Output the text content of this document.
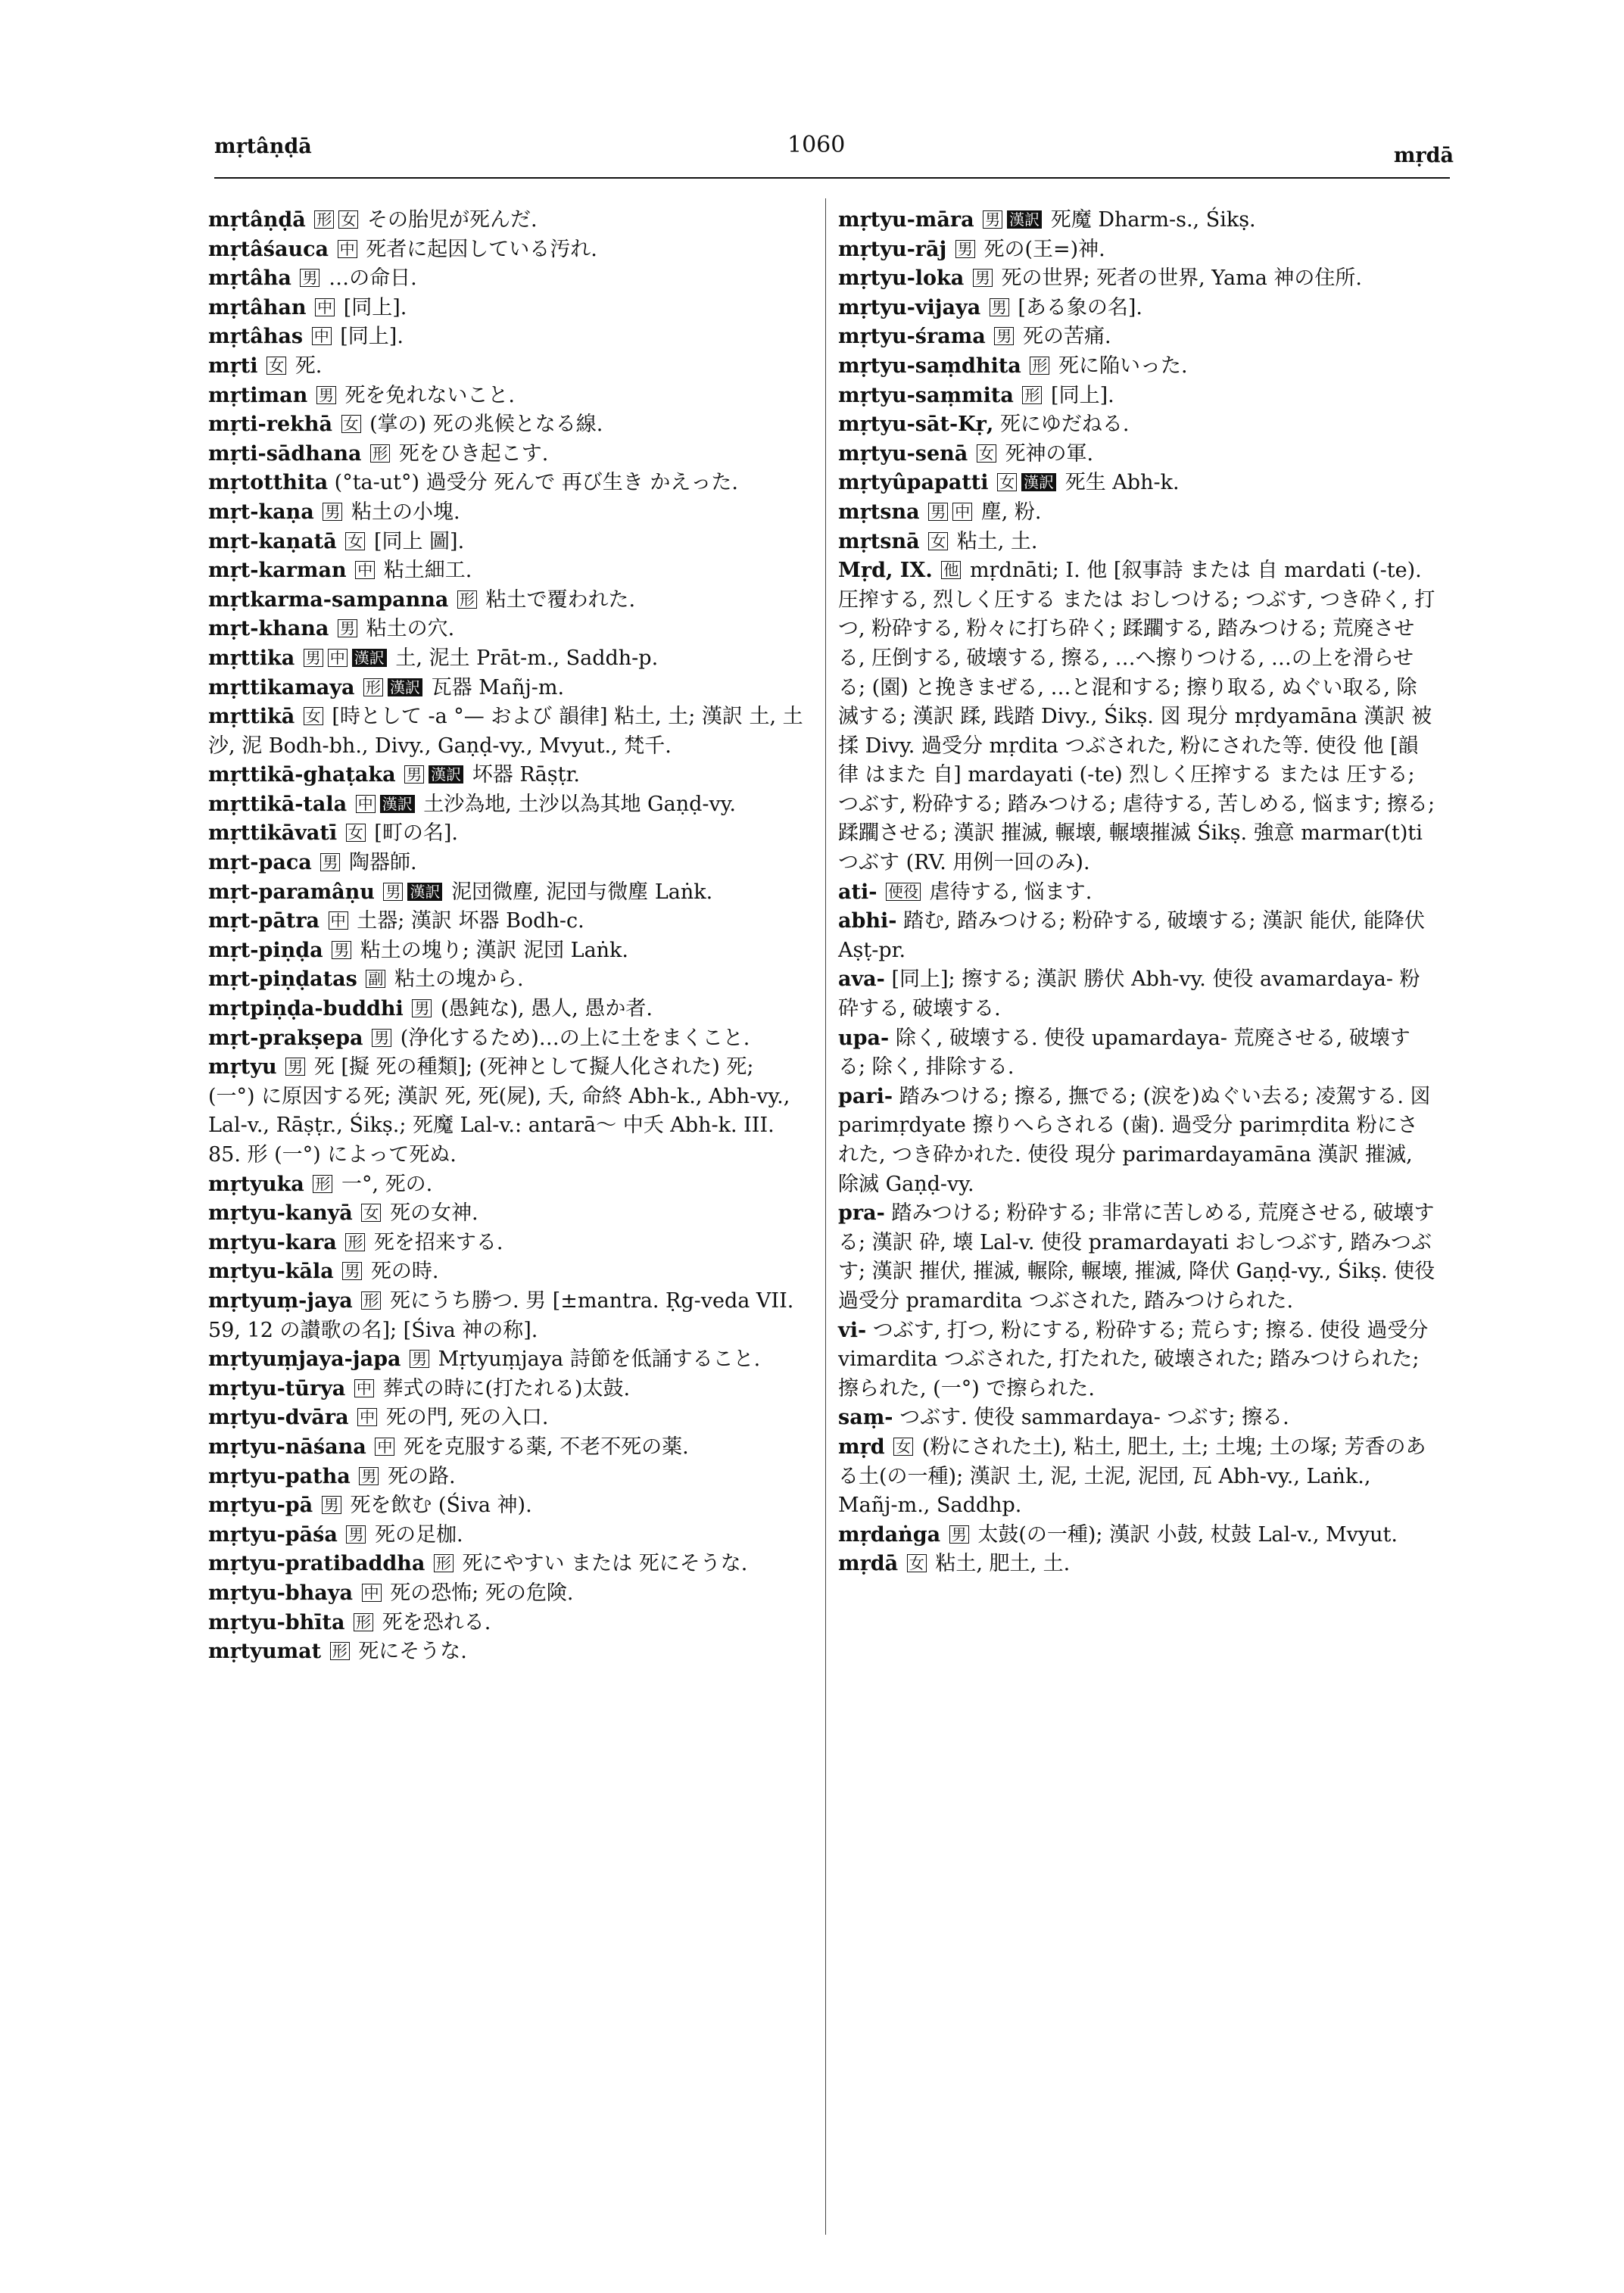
mṛtâṇḍā	1060	mṛdā
mṛtâṇḍā 形 女 その胎児が死んだ.
mṛtâśauca 中 死者に起因している汚れ.
mṛtâha 男 …の命日.
mṛtâhan 中 [同上].
mṛtâhas 中 [同上].
mṛti 女 死.
mṛtiman 男 死を免れないこと.
mṛti-rekhā 女 (掌の) 死の兆候となる線.
mṛti-sādhana 形 死をひき起こす.
mṛtotthita (°ta-ut°) 過受分 死んで 再び生き かえった.
mṛt-kaṇa 男 粘土の小塊.
mṛt-kaṇatā 女 [同上 圖].
mṛt-karman 中 粘土細工.
mṛtkarma-sampanna 形 粘土で覆われた.
mṛt-khana 男 粘土の穴.
mṛttika 男 中 漢訳 土, 泥土 Prāt-m., Saddh-p.
mṛttikamaya 形 漢訳 瓦器 Mañj-m.
mṛttikā 女 [時として -a °— および 韻律] 粘土, 土; 漢訳 土, 土沙, 泥 Bodh-bh., Divy., Gaṇḍ-vy., Mvyut., 梵千.
mṛttikā-ghaṭaka 男 漢訳 坏器 Rāṣṭr.
mṛttikā-tala 中 漢訳 土沙為地, 土沙以為其地 Gaṇḍ-vy.
mṛttikāvatī 女 [町の名].
mṛt-paca 男 陶器師.
mṛt-paramâṇu 男 漢訳 泥団微塵, 泥団与微塵 Laṅk.
mṛt-pātra 中 土器; 漢訳 坏器 Bodh-c.
mṛt-piṇḍa 男 粘土の塊り; 漢訳 泥団 Laṅk.
mṛt-piṇḍatas 副 粘土の塊から.
mṛtpiṇḍa-buddhi 男 (愚鈍な), 愚人, 愚か者.
mṛt-prakṣepa 男 (浄化するため)…の上に土をまくこと.
mṛtyu 男 死 [擬 死の種類]; (死神として擬人化された) 死; (一°) に原因する死; 漢訳 死, 死(屍), 夭, 命終 Abh-k., Abh-vy., Lal-v., Rāṣṭr., Śikṣ.; 死魔 Lal-v.: antarā〜 中夭 Abh-k. III. 85. 形 (一°) によって死ぬ.
mṛtyuka 形 一°, 死の.
mṛtyu-kanyā 女 死の女神.
mṛtyu-kara 形 死を招来する.
mṛtyu-kāla 男 死の時.
mṛtyuṃ-jaya 形 死にうち勝つ. 男 [±mantra. Ṛg-veda VII. 59, 12 の讃歌の名]; [Śiva 神の称].
mṛtyuṃjaya-japa 男 Mṛtyuṃjaya 詩節を低誦すること.
mṛtyu-tūrya 中 葬式の時に(打たれる)太鼓.
mṛtyu-dvāra 中 死の門, 死の入口.
mṛtyu-nāśana 中 死を克服する薬, 不老不死の薬.
mṛtyu-patha 男 死の路.
mṛtyu-pā 男 死を飲む (Śiva 神).
mṛtyu-pāśa 男 死の足枷.
mṛtyu-pratibaddha 形 死にやすい または 死にそうな.
mṛtyu-bhaya 中 死の恐怖; 死の危険.
mṛtyu-bhīta 形 死を恐れる.
mṛtyumat 形 死にそうな.
mṛtyu-māra 男 漢訳 死魔 Dharm-s., Śikṣ.
mṛtyu-rāj 男 死の(王=)神.
mṛtyu-loka 男 死の世界; 死者の世界, Yama 神の住所.
mṛtyu-vijaya 男 [ある象の名].
mṛtyu-śrama 男 死の苦痛.
mṛtyu-saṃdhita 形 死に陥いった.
mṛtyu-saṃmita 形 [同上].
mṛtyu-sāt-Kṛ, 死にゆだねる.
mṛtyu-senā 女 死神の軍.
mṛtyûpapatti 女 漢訳 死生 Abh-k.
mṛtsna 男 中 塵, 粉.
mṛtsnā 女 粘土, 土.
Mṛd, IX. 他 mṛdnāti; I. 他 [叙事詩 または 自 mardati (-te). 圧搾する, 烈しく圧する または おしつける; つぶす, つき砕く, 打つ, 粉砕する, 粉々に打ち砕く; 蹂躙する, 踏みつける; 荒廃させる, 圧倒する, 破壊する, 擦る, …へ擦りつける, …の上を滑らせる; (園) と挽きまぜる, …と混和する; 擦り取る, ぬぐい取る, 除滅する; 漢訳 蹂, 践踏 Divy., Śikṣ. 図 現分 mṛdyamāna 漢訳 被揉 Divy. 過受分 mṛdita つぶされた, 粉にされた等. 使役 他 [韻律 はまた 自] mardayati (-te) 烈しく圧搾する または 圧する; つぶす, 粉砕する; 踏みつける; 虐待する, 苦しめる, 悩ます; 擦る; 蹂躙させる; 漢訳 摧滅, 輾壊, 輾壊摧滅 Śikṣ. 強意 marmar(t)ti つぶす (RV. 用例一回のみ).
ati- 使役 虐待する, 悩ます.
abhi- 踏む, 踏みつける; 粉砕する, 破壊する; 漢訳 能伏, 能降伏 Aṣṭ-pr.
ava- [同上]; 擦する; 漢訳 勝伏 Abh-vy. 使役 avamardaya- 粉砕する, 破壊する.
upa- 除く, 破壊する. 使役 upamardaya- 荒廃させる, 破壊する; 除く, 排除する.
pari- 踏みつける; 擦る, 撫でる; (涙を)ぬぐい去る; 凌駕する. 図 parimṛdyate 擦りへらされる (歯). 過受分 parimṛdita 粉にされた, つき砕かれた. 使役 現分 parimardayamāna 漢訳 摧滅, 除滅 Gaṇḍ-vy.
pra- 踏みつける; 粉砕する; 非常に苦しめる, 荒廃させる, 破壊する; 漢訳 砕, 壊 Lal-v. 使役 pramardayati おしつぶす, 踏みつぶす; 漢訳 摧伏, 摧滅, 輾除, 輾壊, 摧滅, 降伏 Gaṇḍ-vy., Śikṣ. 使役 過受分 pramardita つぶされた, 踏みつけられた.
vi- つぶす, 打つ, 粉にする, 粉砕する; 荒らす; 擦る. 使役 過受分 vimardita つぶされた, 打たれた, 破壊された; 踏みつけられた; 擦られた, (一°) で擦られた.
saṃ- つぶす. 使役 sammardaya- つぶす; 擦る.
mṛd 女 (粉にされた土), 粘土, 肥土, 土; 土塊; 土の塚; 芳香のある土(の一種); 漢訳 土, 泥, 土泥, 泥団, 瓦 Abh-vy., Laṅk., Mañj-m., Saddhp.
mṛdaṅga 男 太鼓(の一種); 漢訳 小鼓, 杖鼓 Lal-v., Mvyut.
mṛdā 女 粘土, 肥土, 土.
